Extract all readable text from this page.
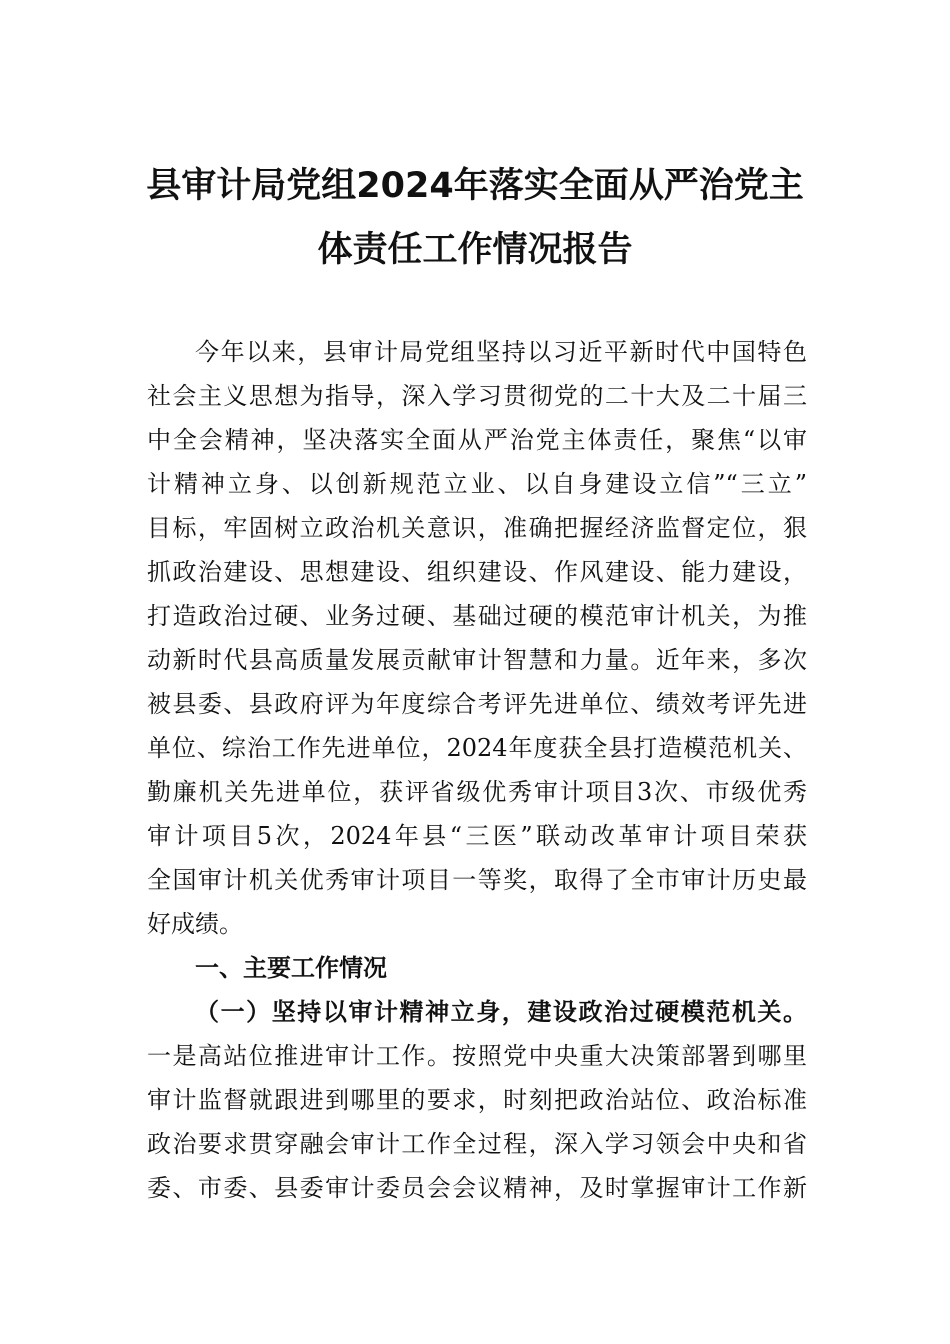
县审计局党组2024年落实全面从严治党主
体责任工作情况报告
今年以来，县审计局党组坚持以习近平新时代中国特色
社会主义思想为指导，深入学习贯彻党的二十大及二十届三
中全会精神，坚决落实全面从严治党主体责任，聚焦“以审
计精神立身、以创新规范立业、以自身建设立信”“三立”
目标，牢固树立政治机关意识，准确把握经济监督定位，狠
抓政治建设、思想建设、组织建设、作风建设、能力建设，
打造政治过硬、业务过硬、基础过硬的模范审计机关，为推
动新时代县高质量发展贡献审计智慧和力量。近年来，多次
被县委、县政府评为年度综合考评先进单位、绩效考评先进
单位、综治工作先进单位，2024年度获全县打造模范机关、
勤廉机关先进单位，获评省级优秀审计项目3次、市级优秀
审计项目5次，2024年县“三医”联动改革审计项目荣获
全国审计机关优秀审计项目一等奖，取得了全市审计历史最
好成绩。
一、主要工作情况
（一）坚持以审计精神立身，建设政治过硬模范机关。
一是高站位推进审计工作。按照党中央重大决策部署到哪里
审计监督就跟进到哪里的要求，时刻把政治站位、政治标准
政治要求贯穿融会审计工作全过程，深入学习领会中央和省
委、市委、县委审计委员会会议精神，及时掌握审计工作新
